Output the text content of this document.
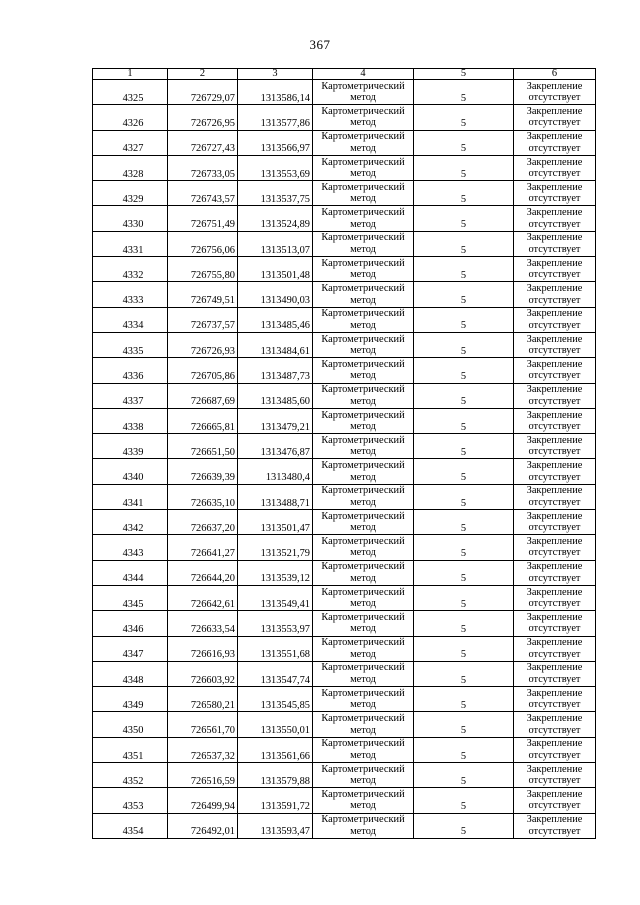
367
1	2	3	4	5	6
4325	726729,07	1313586,14	Картометрический метод	5	Закрепление отсутствует
4326	726726,95	1313577,86	Картометрический метод	5	Закрепление отсутствует
4327	726727,43	1313566,97	Картометрический метод	5	Закрепление отсутствует
4328	726733,05	1313553,69	Картометрический метод	5	Закрепление отсутствует
4329	726743,57	1313537,75	Картометрический метод	5	Закрепление отсутствует
4330	726751,49	1313524,89	Картометрический метод	5	Закрепление отсутствует
4331	726756,06	1313513,07	Картометрический метод	5	Закрепление отсутствует
4332	726755,80	1313501,48	Картометрический метод	5	Закрепление отсутствует
4333	726749,51	1313490,03	Картометрический метод	5	Закрепление отсутствует
4334	726737,57	1313485,46	Картометрический метод	5	Закрепление отсутствует
4335	726726,93	1313484,61	Картометрический метод	5	Закрепление отсутствует
4336	726705,86	1313487,73	Картометрический метод	5	Закрепление отсутствует
4337	726687,69	1313485,60	Картометрический метод	5	Закрепление отсутствует
4338	726665,81	1313479,21	Картометрический метод	5	Закрепление отсутствует
4339	726651,50	1313476,87	Картометрический метод	5	Закрепление отсутствует
4340	726639,39	1313480,4	Картометрический метод	5	Закрепление отсутствует
4341	726635,10	1313488,71	Картометрический метод	5	Закрепление отсутствует
4342	726637,20	1313501,47	Картометрический метод	5	Закрепление отсутствует
4343	726641,27	1313521,79	Картометрический метод	5	Закрепление отсутствует
4344	726644,20	1313539,12	Картометрический метод	5	Закрепление отсутствует
4345	726642,61	1313549,41	Картометрический метод	5	Закрепление отсутствует
4346	726633,54	1313553,97	Картометрический метод	5	Закрепление отсутствует
4347	726616,93	1313551,68	Картометрический метод	5	Закрепление отсутствует
4348	726603,92	1313547,74	Картометрический метод	5	Закрепление отсутствует
4349	726580,21	1313545,85	Картометрический метод	5	Закрепление отсутствует
4350	726561,70	1313550,01	Картометрический метод	5	Закрепление отсутствует
4351	726537,32	1313561,66	Картометрический метод	5	Закрепление отсутствует
4352	726516,59	1313579,88	Картометрический метод	5	Закрепление отсутствует
4353	726499,94	1313591,72	Картометрический метод	5	Закрепление отсутствует
4354	726492,01	1313593,47	Картометрический метод	5	Закрепление отсутствует
